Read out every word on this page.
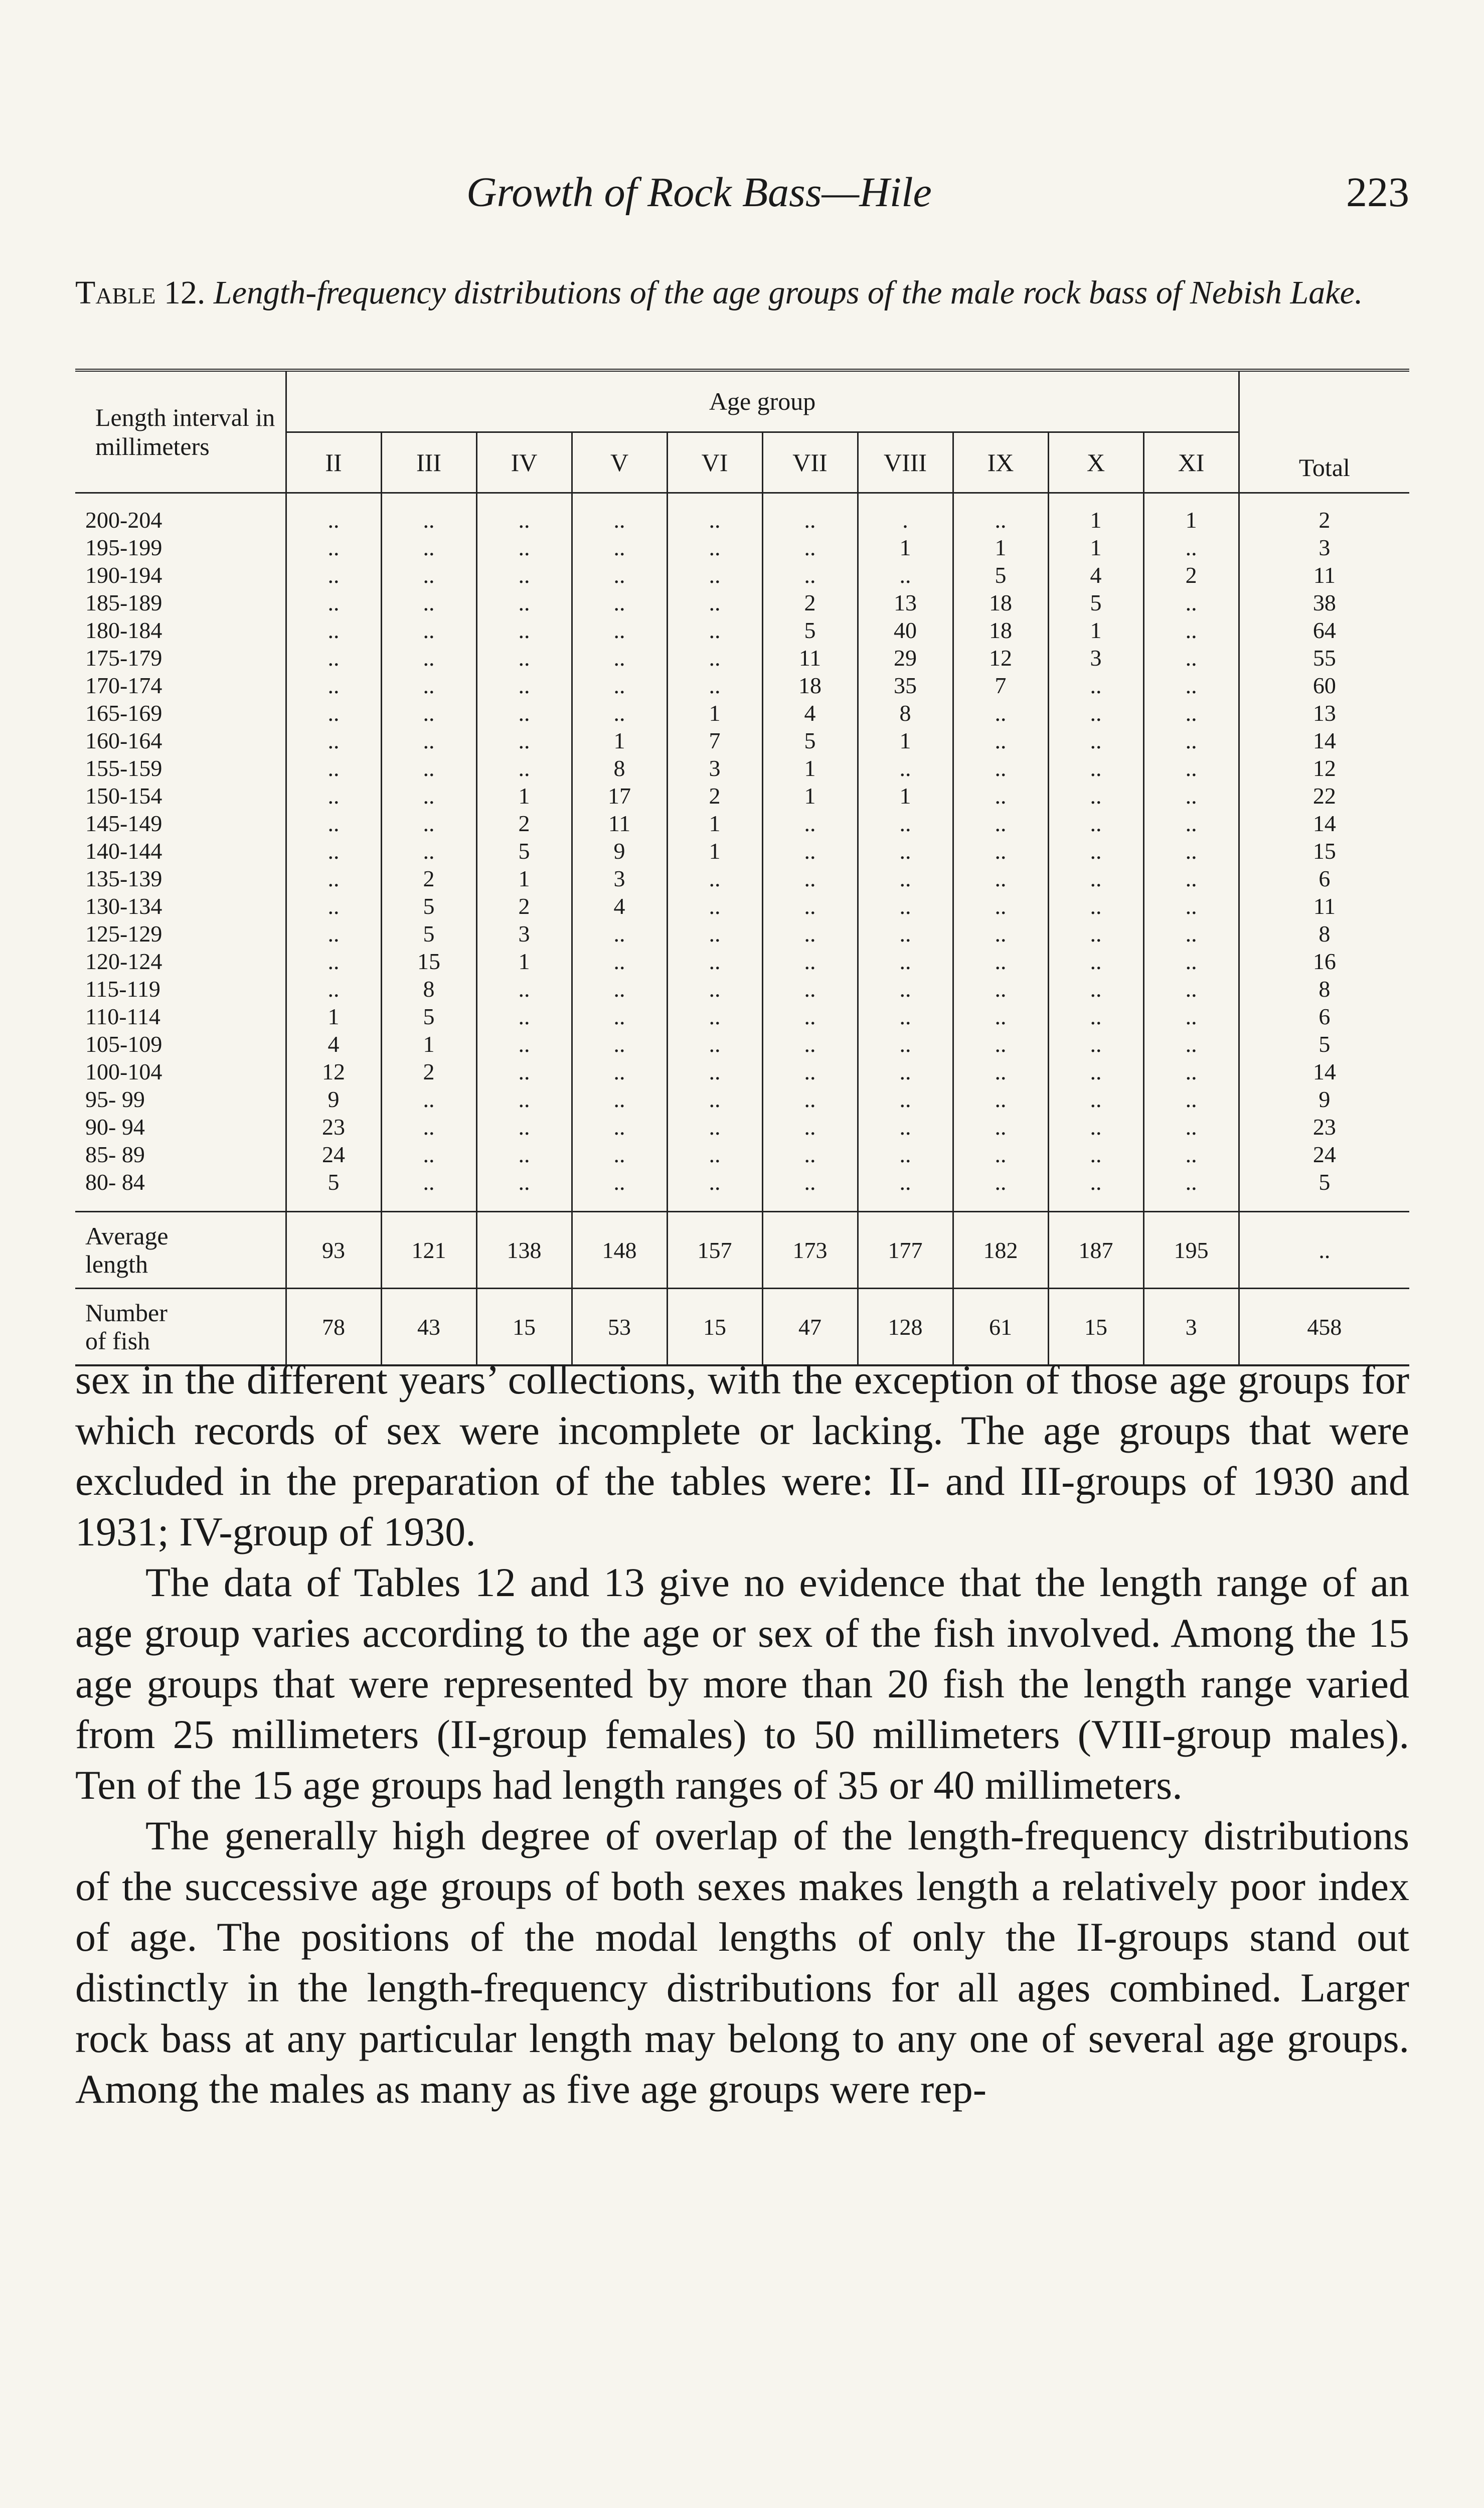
Growth of Rock Bass—Hile	223
Table 12. Length-frequency distributions of the age groups of the male rock bass of Nebish Lake.
Length interval in millimeters	Age group										Total
	II	III	IV	V	VI	VII	VIII	IX	X	XI	
200-204	..	..	..	..	..	..	.	..	1	1	2
195-199	..	..	..	..	..	..	1	1	1	..	3
190-194	..	..	..	..	..	..	..	5	4	2	11
185-189	..	..	..	..	..	2	13	18	5	..	38
180-184	..	..	..	..	..	5	40	18	1	..	64
175-179	..	..	..	..	..	11	29	12	3	..	55
170-174	..	..	..	..	..	18	35	7	..	..	60
165-169	..	..	..	..	1	4	8	..	..	..	13
160-164	..	..	..	1	7	5	1	..	..	..	14
155-159	..	..	..	8	3	1	..	..	..	..	12
150-154	..	..	1	17	2	1	1	..	..	..	22
145-149	..	..	2	11	1	..	..	..	..	..	14
140-144	..	..	5	9	1	..	..	..	..	..	15
135-139	..	2	1	3	..	..	..	..	..	..	6
130-134	..	5	2	4	..	..	..	..	..	..	11
125-129	..	5	3	..	..	..	..	..	..	..	8
120-124	..	15	1	..	..	..	..	..	..	..	16
115-119	..	8	..	..	..	..	..	..	..	..	8
110-114	1	5	..	..	..	..	..	..	..	..	6
105-109	4	1	..	..	..	..	..	..	..	..	5
100-104	12	2	..	..	..	..	..	..	..	..	14
95- 99	9	..	..	..	..	..	..	..	..	..	9
90- 94	23	..	..	..	..	..	..	..	..	..	23
85- 89	24	..	..	..	..	..	..	..	..	..	24
80- 84	5	..	..	..	..	..	..	..	..	..	5
Average
length	93	121	138	148	157	173	177	182	187	195	..
Number
of fish	78	43	15	53	15	47	128	61	15	3	458

sex in the different years’ collections, with the exception of those age groups for which records of sex were incomplete or lacking. The age groups that were excluded in the preparation of the tables were: II- and III-groups of 1930 and 1931; IV-group of 1930.

The data of Tables 12 and 13 give no evidence that the length range of an age group varies according to the age or sex of the fish involved. Among the 15 age groups that were represented by more than 20 fish the length range varied from 25 millimeters (II-group females) to 50 millimeters (VIII-group males). Ten of the 15 age groups had length ranges of 35 or 40 millimeters.

The generally high degree of overlap of the length-frequency distributions of the successive age groups of both sexes makes length a relatively poor index of age. The positions of the modal lengths of only the II-groups stand out distinctly in the length-frequency distributions for all ages combined. Larger rock bass at any particular length may belong to any one of several age groups. Among the males as many as five age groups were rep-
